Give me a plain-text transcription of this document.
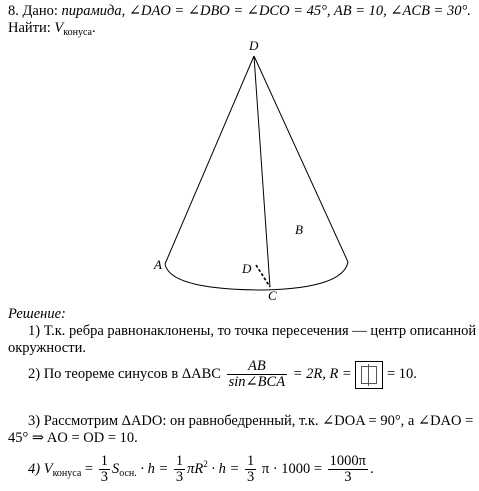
8. Дано: пирамида, ∠DAO = ∠DBO = ∠DCO = 45°, AB = 10, ∠ACB = 30°.
Найти: $V_{конуса}$.
D
A
B
C
D
Решение:
1) Т.к. ребра равнонаклонены, то точка пересечения — центр описанной
окружности.
2) По теореме синусов в ΔABC $\frac{AB}{\text{sin∠BCA}} = 2R$, R = = 10.
3) Рассмотрим ΔADO: он равнобедренный, т.к. ∠DOA = 90°, а ∠DAO =
45° ⇒ AO = OD = 10.
4) $V_{конуса} = \frac{1}{3} S_{осн.} \cdot h = \frac{1}{3} \pi R^2 \cdot h = \frac{1}{3}$ $\pi \cdot 1000 = \frac{1000\pi}{3}$ .
